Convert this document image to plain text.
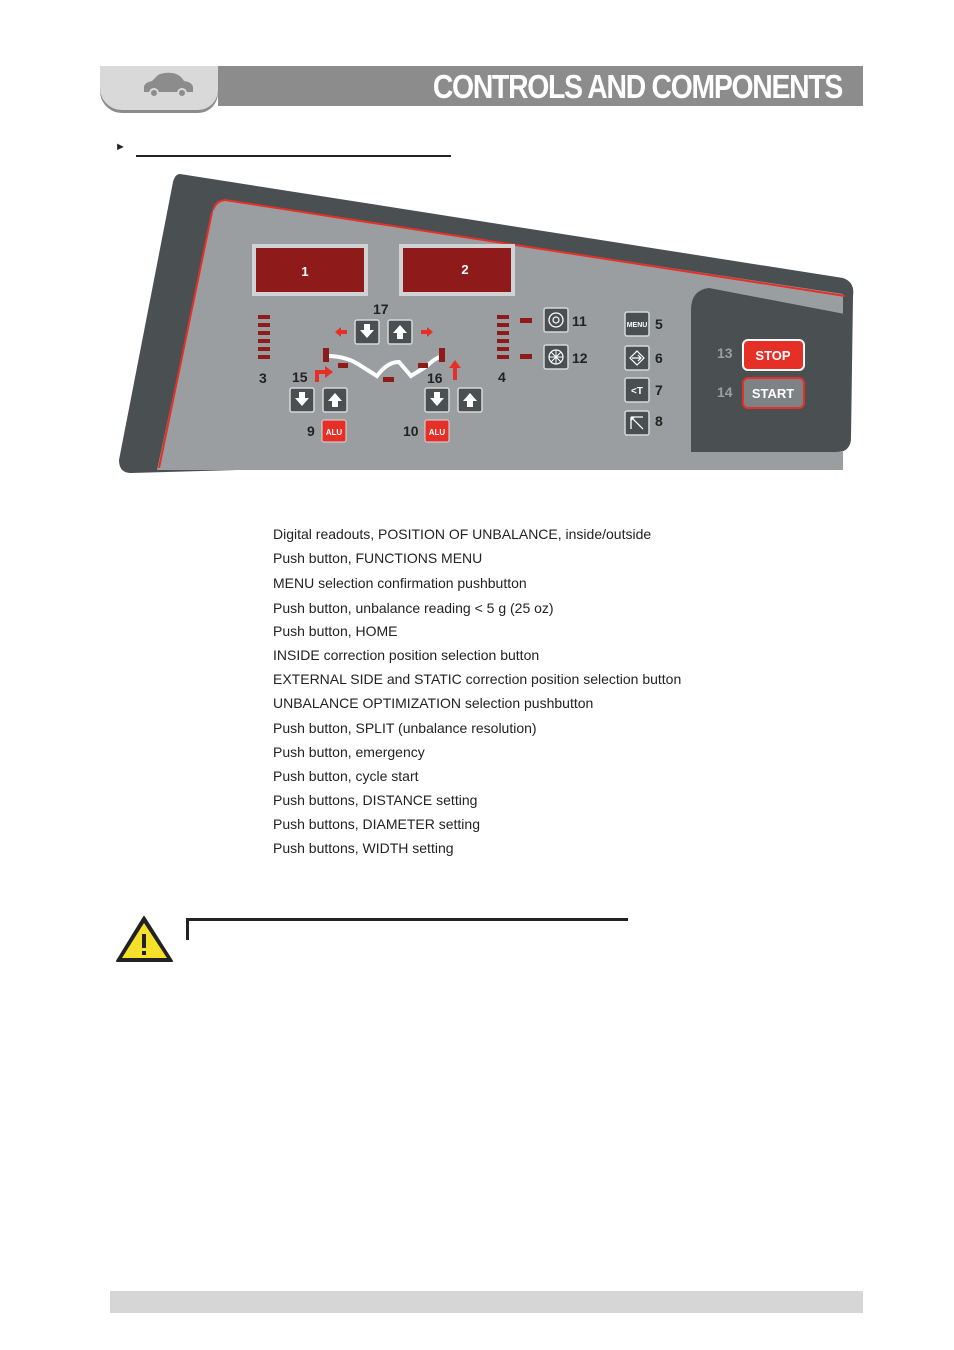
CONTROLS AND COMPONENTS
►
1	2
3	4
17
15	16
9 ALU	10 ALU
11
12
MENU 5
6
<T 7
8
13 STOP
14 START
Digital readouts, POSITION OF UNBALANCE, inside/outside
Push button, FUNCTIONS MENU
MENU selection confirmation pushbutton
Push button, unbalance reading < 5 g (25 oz)
Push button, HOME
INSIDE correction position selection button
EXTERNAL SIDE and STATIC correction position selection button
UNBALANCE OPTIMIZATION selection pushbutton
Push button, SPLIT (unbalance resolution)
Push button, emergency
Push button, cycle start
Push buttons, DISTANCE setting
Push buttons, DIAMETER setting
Push buttons, WIDTH setting
